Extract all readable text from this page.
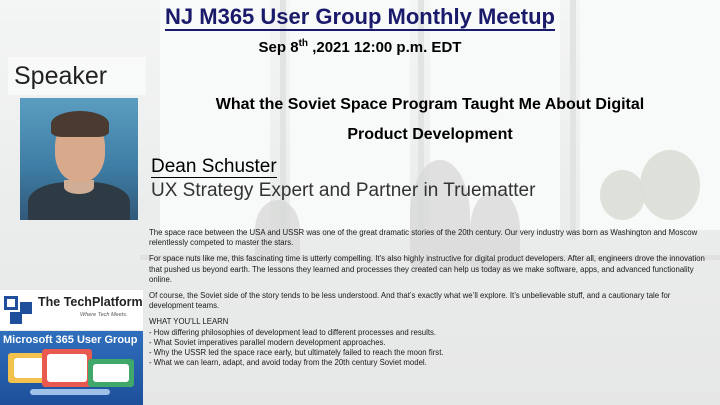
NJ M365 User Group Monthly Meetup
Sep 8th ,2021 12:00 p.m. EDT
Speaker
What the Soviet Space Program Taught Me About Digital
Product Development
Dean Schuster
UX Strategy Expert and Partner in Truematter

The space race between the USA and USSR was one of the great dramatic stories of the 20th century. Our very industry was born as Washington and Moscow relentlessly competed to master the stars.

For space nuts like me, this fascinating time is utterly compelling. It’s also highly instructive for digital product developers. After all, engineers drove the innovation that pushed us beyond earth. The lessons they learned and processes they created can help us today as we make software, apps, and advanced functionality online.

Of course, the Soviet side of the story tends to be less understood. And that’s exactly what we’ll explore. It’s unbelievable stuff, and a cautionary tale for development teams.

WHAT YOU’LL LEARN
- How differing philosophies of development lead to different processes and results.
- What Soviet imperatives parallel modern development approaches.
- Why the USSR led the space race early, but ultimately failed to reach the moon first.
- What we can learn, adapt, and avoid today from the 20th century Soviet model.
The TechPlatform
Where Tech Meets.
Microsoft 365 User Group
